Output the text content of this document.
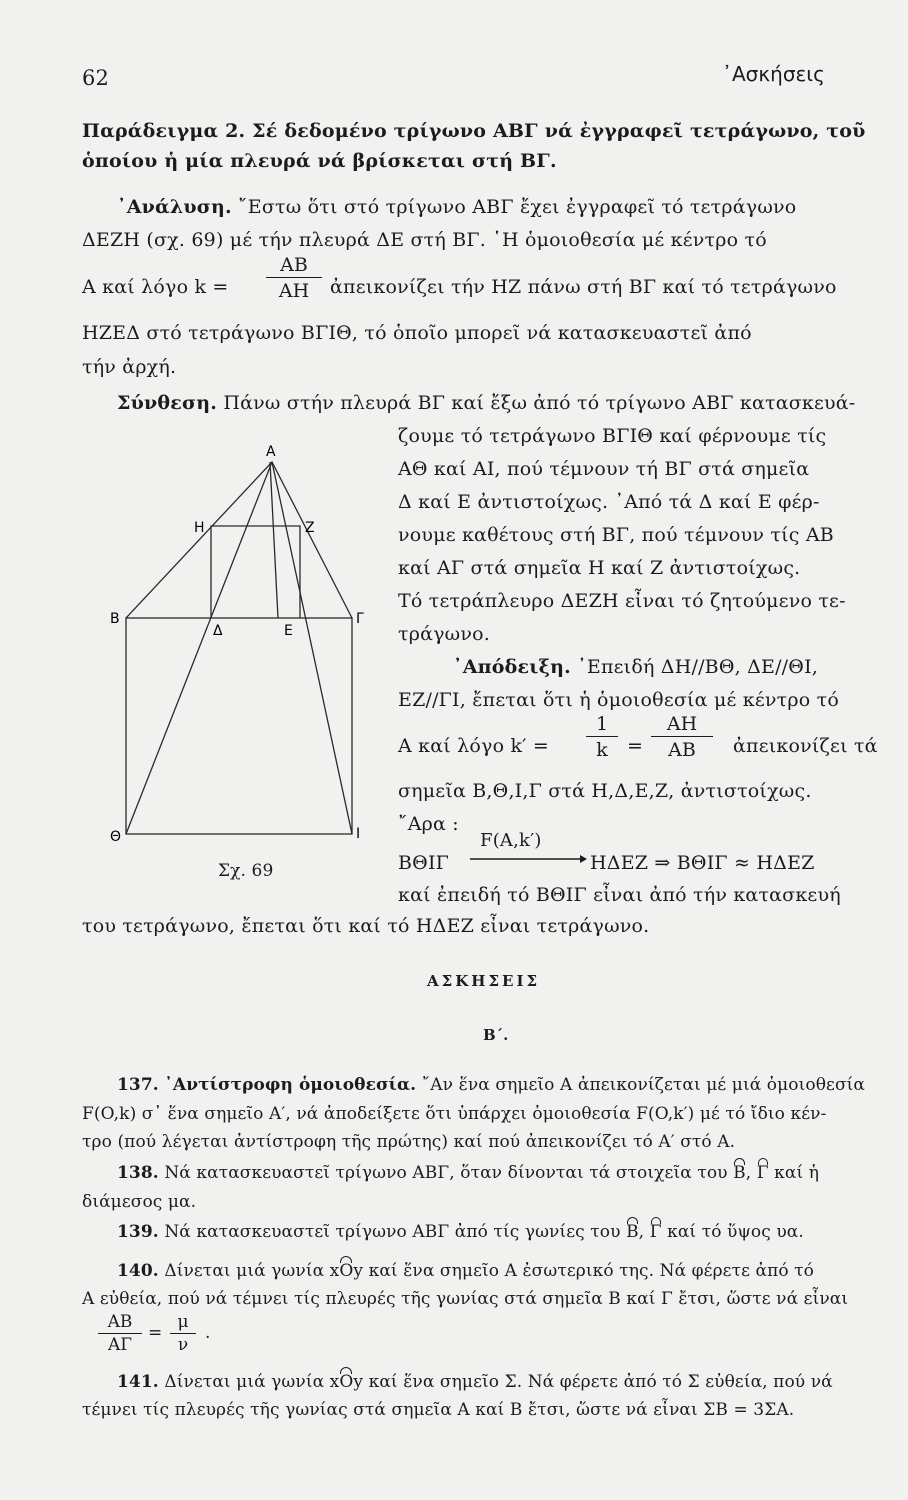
62	᾿Ασκήσεις
Παράδειγμα 2. Σέ δεδομένο τρίγωνο ΑΒΓ νά ἐγγραφεῖ τετράγωνο, τοῦ
ὁποίου ἡ μία πλευρά νά βρίσκεται στή ΒΓ.
᾿Ανάλυση. ῎Εστω ὅτι στό τρίγωνο ΑΒΓ ἔχει ἐγγραφεῖ τό τετράγωνο
ΔΕΖΗ (σχ. 69) μέ τήν πλευρά ΔΕ στή ΒΓ. ῾Η ὁμοιοθεσία μέ κέντρο τό
Α καί λόγο $k = \frac{AB}{AH}$ ἀπεικονίζει τήν ΗΖ πάνω στή ΒΓ καί τό τετράγωνο
ΗΖΕΔ στό τετράγωνο ΒΓΙΘ, τό ὁποῖο μπορεῖ νά κατασκευαστεῖ ἀπό
τήν ἀρχή.
Σύνθεση. Πάνω στήν πλευρά ΒΓ καί ἔξω ἀπό τό τρίγωνο ΑΒΓ κατασκευά-
ζουμε τό τετράγωνο ΒΓΙΘ καί φέρνουμε τίς
ΑΘ καί ΑΙ, πού τέμνουν τή ΒΓ στά σημεῖα
Δ καί Ε ἀντιστοίχως. ᾿Από τά Δ καί Ε φέρ-
νουμε καθέτους στή ΒΓ, πού τέμνουν τίς ΑΒ
καί ΑΓ στά σημεῖα Η καί Ζ ἀντιστοίχως.
Τό τετράπλευρο ΔΕΖΗ εἶναι τό ζητούμενο τε-
τράγωνο.
᾿Απόδειξη. ᾿Επειδή ΔΗ//ΒΘ, ΔΕ//ΘΙ,
ΕΖ//ΓΙ, ἔπεται ὅτι ἡ ὁμοιοθεσία μέ κέντρο τό
Α καί λόγο $k' = \frac{1}{k} = \frac{AH}{AB}$ ἀπεικονίζει τά
σημεῖα Β,Θ,Ι,Γ στά Η,Δ,Ε,Ζ, ἀντιστοίχως.
῎Αρα :
ΒΘΙΓ
F(A,k′)
ΗΔΕΖ ⇒ ΒΘΙΓ ≈ ΗΔΕΖ
καί ἐπειδή τό ΒΘΙΓ εἶναι ἀπό τήν κατασκευή
του τετράγωνο, ἔπεται ὅτι καί τό ΗΔΕΖ εἶναι τετράγωνο.
Α
Η	Ζ
Β
Δ	Ε
Γ
Θ	Ι
Σχ. 69
ΑΣΚΗΣΕΙΣ
Β΄.
137. ᾿Αντίστροφη ὁμοιοθεσία. ῎Αν ἕνα σημεῖο Α ἀπεικονίζεται μέ μιά ὁμοιοθεσία
F(O,k) σ᾿ ἕνα σημεῖο Α′, νά ἀποδείξετε ὅτι ὑπάρχει ὁμοιοθεσία F(O,k′) μέ τό ἴδιο κέν-
τρο (πού λέγεται ἀντίστροφη τῆς πρώτης) καί πού ἀπεικονίζει τό Α′ στό Α.
138. Νά κατασκευαστεῖ τρίγωνο ΑΒΓ, ὅταν δίνονται τά στοιχεῖα του Β, Γ καί ἡ
διάμεσος μα.
139. Νά κατασκευαστεῖ τρίγωνο ΑΒΓ ἀπό τίς γωνίες του Β, Γ καί τό ὕψος υα.
140. Δίνεται μιά γωνία xOy καί ἕνα σημεῖο Α ἐσωτερικό της. Νά φέρετε ἀπό τό
Α εὐθεία, πού νά τέμνει τίς πλευρές τῆς γωνίας στά σημεῖα Β καί Γ ἔτσι, ὥστε νά εἶναι
$\frac{AB}{A\Gamma} = \frac{\mu}{\nu}$ .
141. Δίνεται μιά γωνία xOy καί ἕνα σημεῖο Σ. Νά φέρετε ἀπό τό Σ εὐθεία, πού νά
τέμνει τίς πλευρές τῆς γωνίας στά σημεῖα Α καί Β ἔτσι, ὥστε νά εἶναι ΣΒ = 3ΣΑ.
